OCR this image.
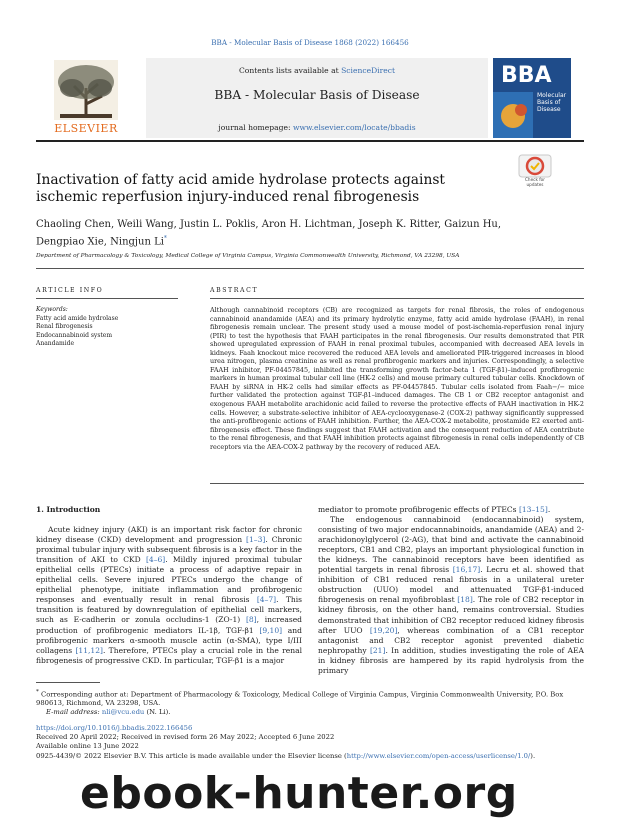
BBA - Molecular Basis of Disease 1868 (2022) 166456
Contents lists available at ScienceDirect
BBA - Molecular Basis of Disease
journal homepage: www.elsevier.com/locate/bbadis
ELSEVIER
BBA
Molecular Basis of Disease
Check for updates
Inactivation of fatty acid amide hydrolase protects against ischemic reperfusion injury-induced renal fibrogenesis
Chaoling Chen, Weili Wang, Justin L. Poklis, Aron H. Lichtman, Joseph K. Ritter, Gaizun Hu,
Dengpiao Xie, Ningjun Li*
Department of Pharmacology & Toxicology, Medical College of Virginia Campus, Virginia Commonwealth University, Richmond, VA 23298, USA
ARTICLE INFO	ABSTRACT
Keywords:
Fatty acid amide hydrolase
Renal fibrogenesis
Endocannabinoid system
Anandamide
Although cannabinoid receptors (CB) are recognized as targets for renal fibrosis, the roles of endogenous cannabinoid anandamide (AEA) and its primary hydrolytic enzyme, fatty acid amide hydrolase (FAAH), in renal fibrogenesis remain unclear. The present study used a mouse model of post-ischemia-reperfusion renal injury (PIR) to test the hypothesis that FAAH participates in the renal fibrogenesis. Our results demonstrated that PIR showed upregulated expression of FAAH in renal proximal tubules, accompanied with decreased AEA levels in kidneys. Faah knockout mice recovered the reduced AEA levels and ameliorated PIR-triggered increases in blood urea nitrogen, plasma creatinine as well as renal profibrogenic markers and injuries. Correspondingly, a selective FAAH inhibitor, PF-04457845, inhibited the transforming growth factor-beta 1 (TGF-β1)–induced profibrogenic markers in human proximal tubular cell line (HK-2 cells) and mouse primary cultured tubular cells. Knockdown of FAAH by siRNA in HK-2 cells had similar effects as PF-04457845. Tubular cells isolated from Faah−/− mice further validated the protection against TGF-β1–induced damages. The CB 1 or CB2 receptor antagonist and exogenous FAAH metabolite arachidonic acid failed to reverse the protective effects of FAAH inactivation in HK-2 cells. However, a substrate-selective inhibitor of AEA-cyclooxygenase-2 (COX-2) pathway significantly suppressed the anti-profibrogenic actions of FAAH inhibition. Further, the AEA-COX-2 metabolite, prostamide E2 exerted anti-fibrogenesis effect. These findings suggest that FAAH activation and the consequent reduction of AEA contribute to the renal fibrogenesis, and that FAAH inhibition protects against fibrogenesis in renal cells independently of CB receptors via the AEA-COX-2 pathway by the recovery of reduced AEA.
1. Introduction

Acute kidney injury (AKI) is an important risk factor for chronic kidney disease (CKD) development and progression [1–3]. Chronic proximal tubular injury with subsequent fibrosis is a key factor in the transition of AKI to CKD [4–6]. Mildly injured proximal tubular epithelial cells (PTECs) initiate a process of adaptive repair in epithelial cells. Severe injured PTECs undergo the change of epithelial phenotype, initiate inflammation and profibrogenic responses and eventually result in renal fibrosis [4–7]. This transition is featured by downregulation of epithelial cell markers, such as E-cadherin or zonula occludins-1 (ZO-1) [8], increased production of profibrogenic mediators IL-1β, TGF-β1 [9,10] and profibrogenic markers α-smooth muscle actin (α-SMA), type I/III collagens [11,12]. Therefore, PTECs play a crucial role in the renal fibrogenesis of progressive CKD. In particular, TGF-β1 is a major

mediator to promote profibrogenic effects of PTECs [13–15].

The endogenous cannabinoid (endocannabinoid) system, consisting of two major endocannabinoids, anandamide (AEA) and 2-arachidonoylglycerol (2-AG), that bind and activate the cannabinoid receptors, CB1 and CB2, plays an important physiological function in the kidneys. The cannabinoid receptors have been identified as potential targets in renal fibrosis [16,17]. Lecru et al. showed that inhibition of CB1 reduced renal fibrosis in a unilateral ureter obstruction (UUO) model and attenuated TGF-β1-induced fibrogenesis on renal myofibroblast [18]. The role of CB2 receptor in kidney fibrosis, on the other hand, remains controversial. Studies demonstrated that inhibition of CB2 receptor reduced kidney fibrosis after UUO [19,20], whereas combination of a CB1 receptor antagonist and CB2 receptor agonist prevented diabetic nephropathy [21]. In addition, studies investigating the role of AEA in kidney fibrosis are hampered by its rapid hydrolysis from the primary

* Corresponding author at: Department of Pharmacology & Toxicology, Medical College of Virginia Campus, Virginia Commonwealth University, P.O. Box 980613, Richmond, VA 23298, USA.
E-mail address: nli@vcu.edu (N. Li).
https://doi.org/10.1016/j.bbadis.2022.166456
Received 20 April 2022; Received in revised form 26 May 2022; Accepted 6 June 2022
Available online 13 June 2022
0925-4439/© 2022 Elsevier B.V. This article is made available under the Elsevier license (http://www.elsevier.com/open-access/userlicense/1.0/).
ebook-hunter.org
